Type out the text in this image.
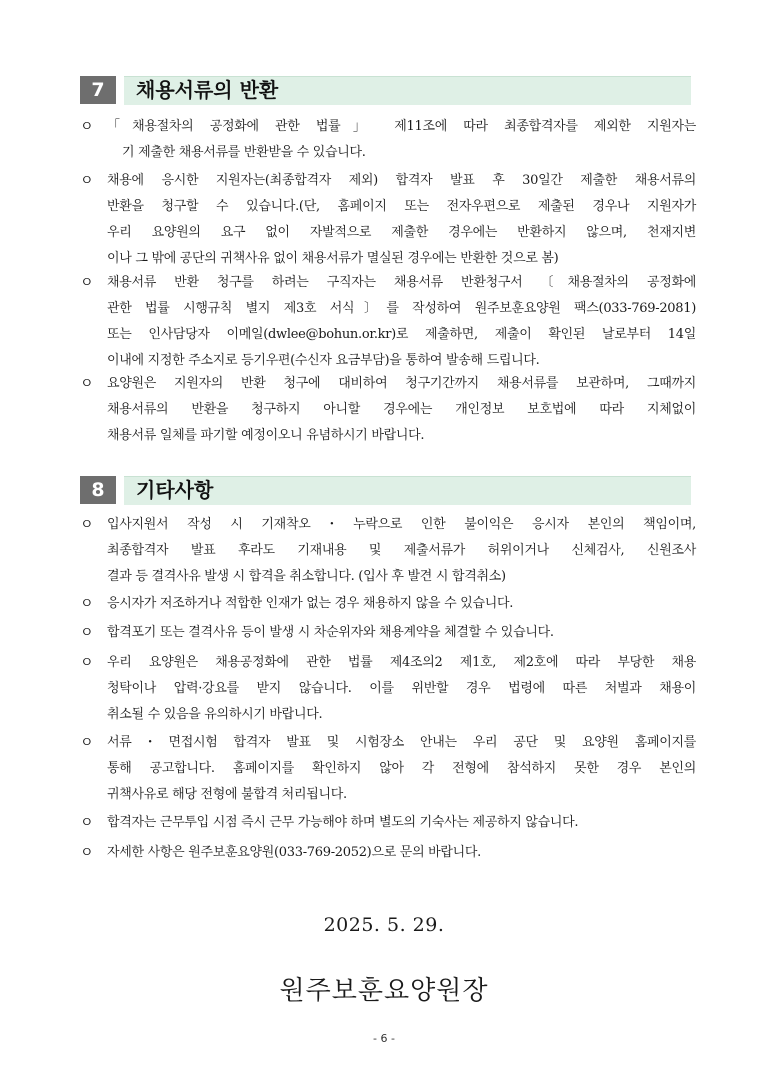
7	채용서류의 반환
ㅇ 「채용절차의 공정화에 관한 법률」 제11조에 따라 최종합격자를 제외한 지원자는
기 제출한 채용서류를 반환받을 수 있습니다.
ㅇ 채용에 응시한 지원자는(최종합격자 제외) 합격자 발표 후 30일간 제출한 채용서류의
반환을 청구할 수 있습니다.(단, 홈페이지 또는 전자우편으로 제출된 경우나 지원자가
우리 요양원의 요구 없이 자발적으로 제출한 경우에는 반환하지 않으며, 천재지변
이나 그 밖에 공단의 귀책사유 없이 채용서류가 멸실된 경우에는 반환한 것으로 봄)
ㅇ 채용서류 반환 청구를 하려는 구직자는 채용서류 반환청구서 〔채용절차의 공정화에
관한 법률 시행규칙 별지 제3호 서식〕를 작성하여 원주보훈요양원 팩스(033-769-2081)
또는 인사담당자 이메일(dwlee@bohun.or.kr)로 제출하면, 제출이 확인된 날로부터 14일
이내에 지정한 주소지로 등기우편(수신자 요금부담)을 통하여 발송해 드립니다.
ㅇ 요양원은 지원자의 반환 청구에 대비하여 청구기간까지 채용서류를 보관하며, 그때까지
채용서류의 반환을 청구하지 아니할 경우에는 개인정보 보호법에 따라 지체없이
채용서류 일체를 파기할 예정이오니 유념하시기 바랍니다.
8	기타사항
ㅇ 입사지원서 작성 시 기재착오・누락으로 인한 불이익은 응시자 본인의 책임이며,
최종합격자 발표 후라도 기재내용 및 제출서류가 허위이거나 신체검사, 신원조사
결과 등 결격사유 발생 시 합격을 취소합니다. (입사 후 발견 시 합격취소)
ㅇ 응시자가 저조하거나 적합한 인재가 없는 경우 채용하지 않을 수 있습니다.
ㅇ 합격포기 또는 결격사유 등이 발생 시 차순위자와 채용계약을 체결할 수 있습니다.
ㅇ 우리 요양원은 채용공정화에 관한 법률 제4조의2 제1호, 제2호에 따라 부당한 채용
청탁이나 압력·강요를 받지 않습니다. 이를 위반할 경우 법령에 따른 처벌과 채용이
취소될 수 있음을 유의하시기 바랍니다.
ㅇ 서류・면접시험 합격자 발표 및 시험장소 안내는 우리 공단 및 요양원 홈페이지를
통해 공고합니다. 홈페이지를 확인하지 않아 각 전형에 참석하지 못한 경우 본인의
귀책사유로 해당 전형에 불합격 처리됩니다.
ㅇ 합격자는 근무투입 시점 즉시 근무 가능해야 하며 별도의 기숙사는 제공하지 않습니다.
ㅇ 자세한 사항은 원주보훈요양원(033-769-2052)으로 문의 바랍니다.
2025. 5. 29.
원주보훈요양원장
- 6 -
